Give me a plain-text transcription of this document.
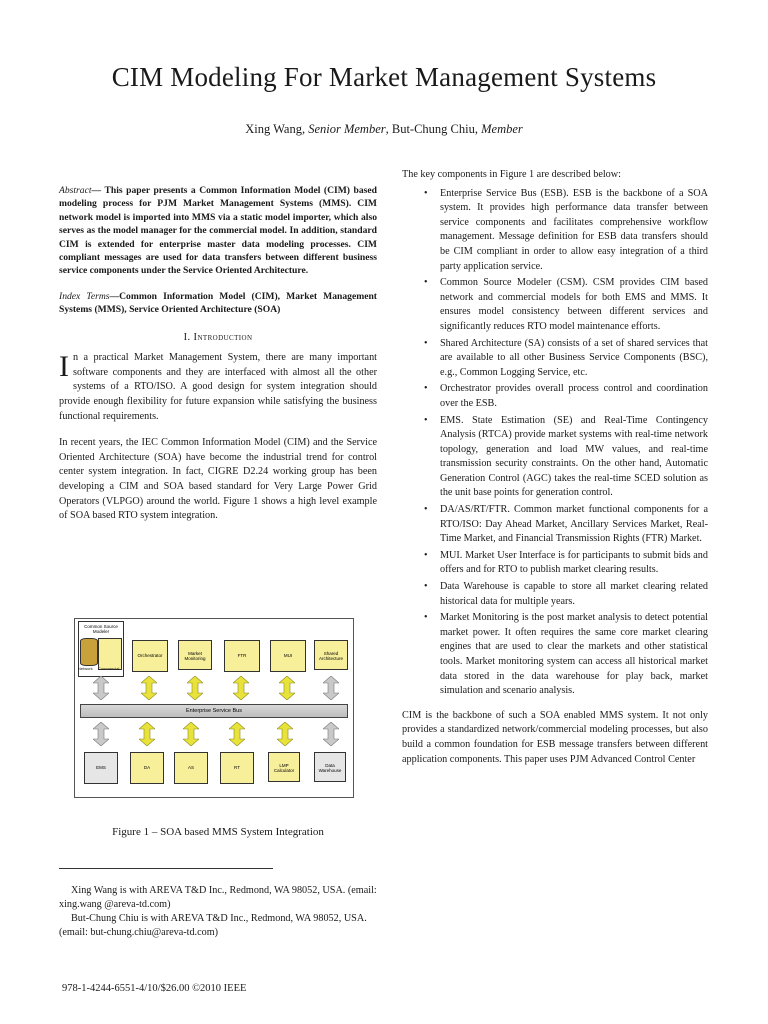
CIM Modeling For Market Management Systems
Xing Wang, Senior Member, But-Chung Chiu, Member

Abstract— This paper presents a Common Information Model (CIM) based modeling process for PJM Market Management Systems (MMS). CIM network model is imported into MMS via a static model importer, which also serves as the model manager for the commercial model. In addition, standard CIM is extended for enterprise master data modeling processes. CIM compliant messages are used for data transfers between different business service components under the Service Oriented Architecture.

Index Terms—Common Information Model (CIM), Market Management Systems (MMS), Service Oriented Architecture (SOA)

I. Introduction

In a practical Market Management System, there are many important software components and they are interfaced with almost all the other systems of a RTO/ISO. A good design for system integration should provide enough flexibility for future expansion while satisfying the business functional requirements.

In recent years, the IEC Common Information Model (CIM) and the Service Oriented Architecture (SOA) have become the industrial trend for control center system integration. In fact, CIGRE D2.24 working group has been developing a CIM and SOA based standard for Very Large Power Grid Operators (VLPGO) around the world. Figure 1 shows a high level example of SOA based RTO system integration.

Common Source Modeler
Network Commercial
Orchestrator	Market Monitoring
FTR	MUI	Shared Architecture
Enterprise Service Bus
EMS	DA	AS	RT	LMP Calculator
Data Warehouse
Figure 1 – SOA based MMS System Integration

Xing Wang is with AREVA T&D Inc., Redmond, WA 98052, USA. (email: xing.wang @areva-td.com)

But-Chung Chiu is with AREVA T&D Inc., Redmond, WA 98052, USA. (email: but-chung.chiu@areva-td.com)

978-1-4244-6551-4/10/$26.00 ©2010 IEEE
The key components in Figure 1 are described below:
• Enterprise Service Bus (ESB). ESB is the backbone of a SOA system. It provides high performance data transfer between service components and facilitates comprehensive workflow management. Message definition for ESB data transfers should be CIM compliant in order to allow easy integration of a third party application service.
• Common Source Modeler (CSM). CSM provides CIM based network and commercial models for both EMS and MMS. It ensures model consistency between different services and significantly reduces RTO model maintenance efforts.
• Shared Architecture (SA) consists of a set of shared services that are available to all other Business Service Components (BSC), e.g., Common Logging Service, etc.
• Orchestrator provides overall process control and coordination over the ESB.
• EMS. State Estimation (SE) and Real-Time Contingency Analysis (RTCA) provide market systems with real-time network topology, generation and load MW values, and real-time transmission security constraints. On the other hand, Automatic Generation Control (AGC) takes the real-time SCED solution as the unit base points for generation control.
• DA/AS/RT/FTR. Common market functional components for a RTO/ISO: Day Ahead Market, Ancillary Services Market, Real-Time Market, and Financial Transmission Rights (FTR) Market.
• MUI. Market User Interface is for participants to submit bids and offers and for RTO to publish market clearing results.
• Data Warehouse is capable to store all market clearing related historical data for multiple years.
• Market Monitoring is the post market analysis to detect potential market power. It often requires the same core market clearing engines that are used to clear the markets and other statistical tools. Market monitoring system can access all historical market data stored in the data warehouse for play back, market simulation and scenario analysis.
CIM is the backbone of such a SOA enabled MMS system. It not only provides a standardized network/commercial modeling processes, but also build a common foundation for ESB message transfers between different application components. This paper uses PJM Advanced Control Center
